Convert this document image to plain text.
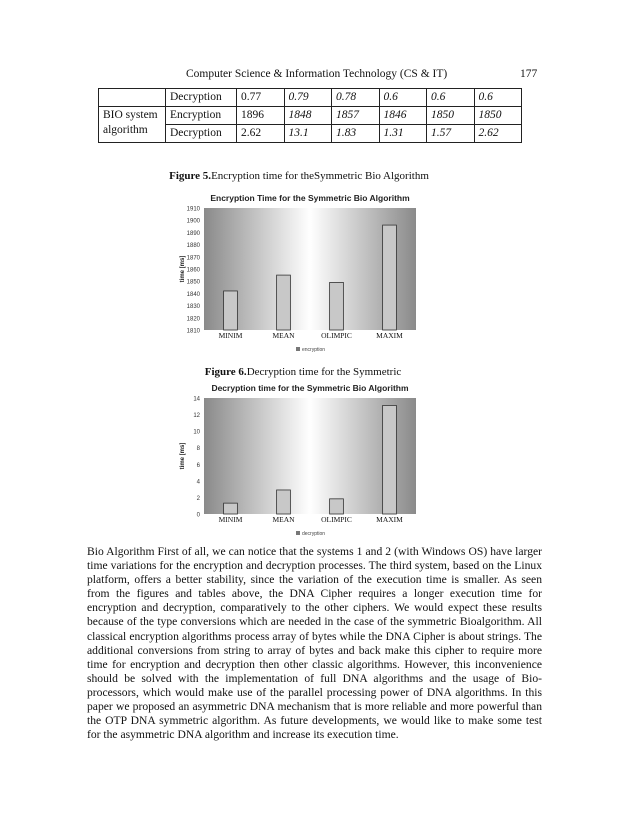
Computer Science & Information Technology (CS & IT)	177
	Decryption	0.77	0.79	0.78	0.6	0.6	0.6
BIO system algorithm	Encryption	1896	1848	1857	1846	1850	1850
	Decryption	2.62	13.1	1.83	1.31	1.57	2.62
Figure 5.Encryption time for theSymmetric Bio Algorithm
Encryption Time for the Symmetric Bio Algorithm
1810
1820
1830
1840
1850
1860
1870
1880
1890
1900
1910
MINIM	MEAN	OLIMPIC	MAXIM
time [ms]
encryption
Figure 6.Decryption time for the Symmetric
Decryption time for the Symmetric Bio Algorithm
0
2
4
6
8
10
12
14
MINIM	MEAN	OLIMPIC	MAXIM
time [ms]
decryption

Bio Algorithm First of all, we can notice that the systems 1 and 2 (with Windows OS) have larger time variations for the encryption and decryption processes. The third system, based on the Linux platform, offers a better stability, since the variation of the execution time is smaller. As seen from the figures and tables above, the DNA Cipher requires a longer execution time for encryption and decryption, comparatively to the other ciphers. We would expect these results because of the type conversions which are needed in the case of the symmetric Bioalgorithm. All classical encryption algorithms process array of bytes while the DNA Cipher is about strings. The additional conversions from string to array of bytes and back make this cipher to require more time for encryption and decryption then other classic algorithms. However, this inconvenience should be solved with the implementation of full DNA algorithms and the usage of Bio-processors, which would make use of the parallel processing power of DNA algorithms. In this paper we proposed an asymmetric DNA mechanism that is more reliable and more powerful than the OTP DNA symmetric algorithm. As future developments, we would like to make some test for the asymmetric DNA algorithm and increase its execution time.
